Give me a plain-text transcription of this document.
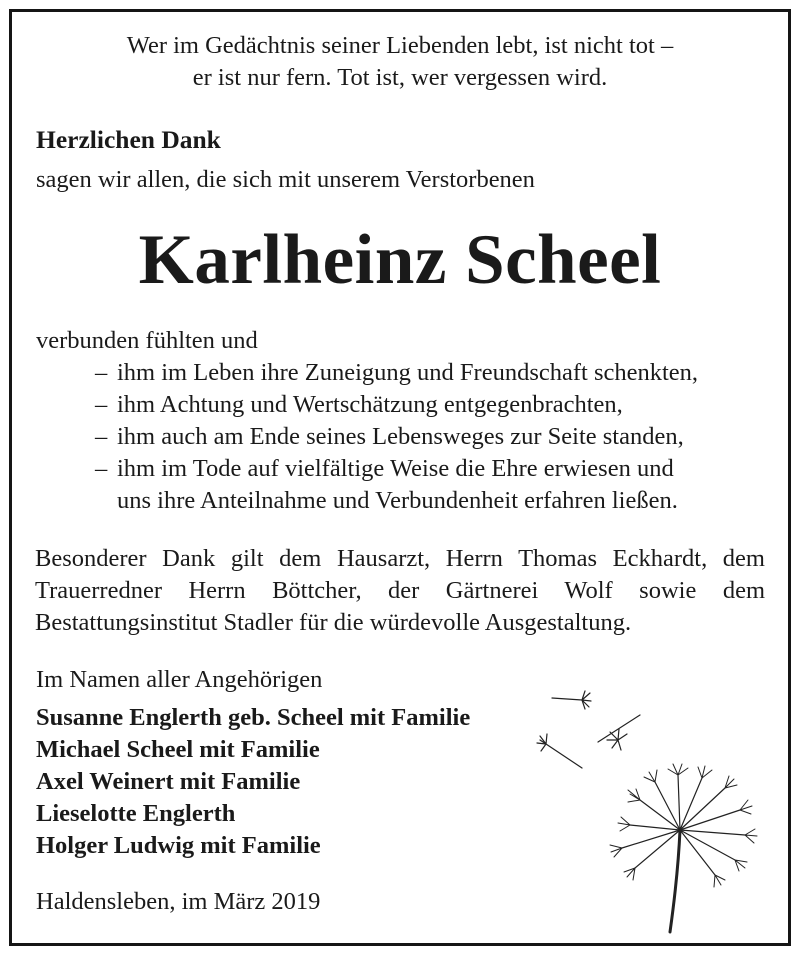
Wer im Gedächtnis seiner Liebenden lebt, ist nicht tot –
er ist nur fern. Tot ist, wer vergessen wird.
Herzlichen Dank
sagen wir allen, die sich mit unserem Verstorbenen
Karlheinz Scheel
verbunden fühlten und
– ihm im Leben ihre Zuneigung und Freundschaft schenkten,
– ihm Achtung und Wertschätzung entgegenbrachten,
– ihm auch am Ende seines Lebensweges zur Seite standen,
– ihm im Tode auf vielfältige Weise die Ehre erwiesen und
uns ihre Anteilnahme und Verbundenheit erfahren ließen.

Besonderer Dank gilt dem Hausarzt, Herrn Thomas Eckhardt, dem Trauerredner Herrn Böttcher, der Gärtnerei Wolf sowie dem Bestattungsinstitut Stadler für die würdevolle Ausgestaltung.

Im Namen aller Angehörigen
Susanne Englerth geb. Scheel mit Familie
Michael Scheel mit Familie
Axel Weinert mit Familie
Lieselotte Englerth
Holger Ludwig mit Familie
Haldensleben, im März 2019
